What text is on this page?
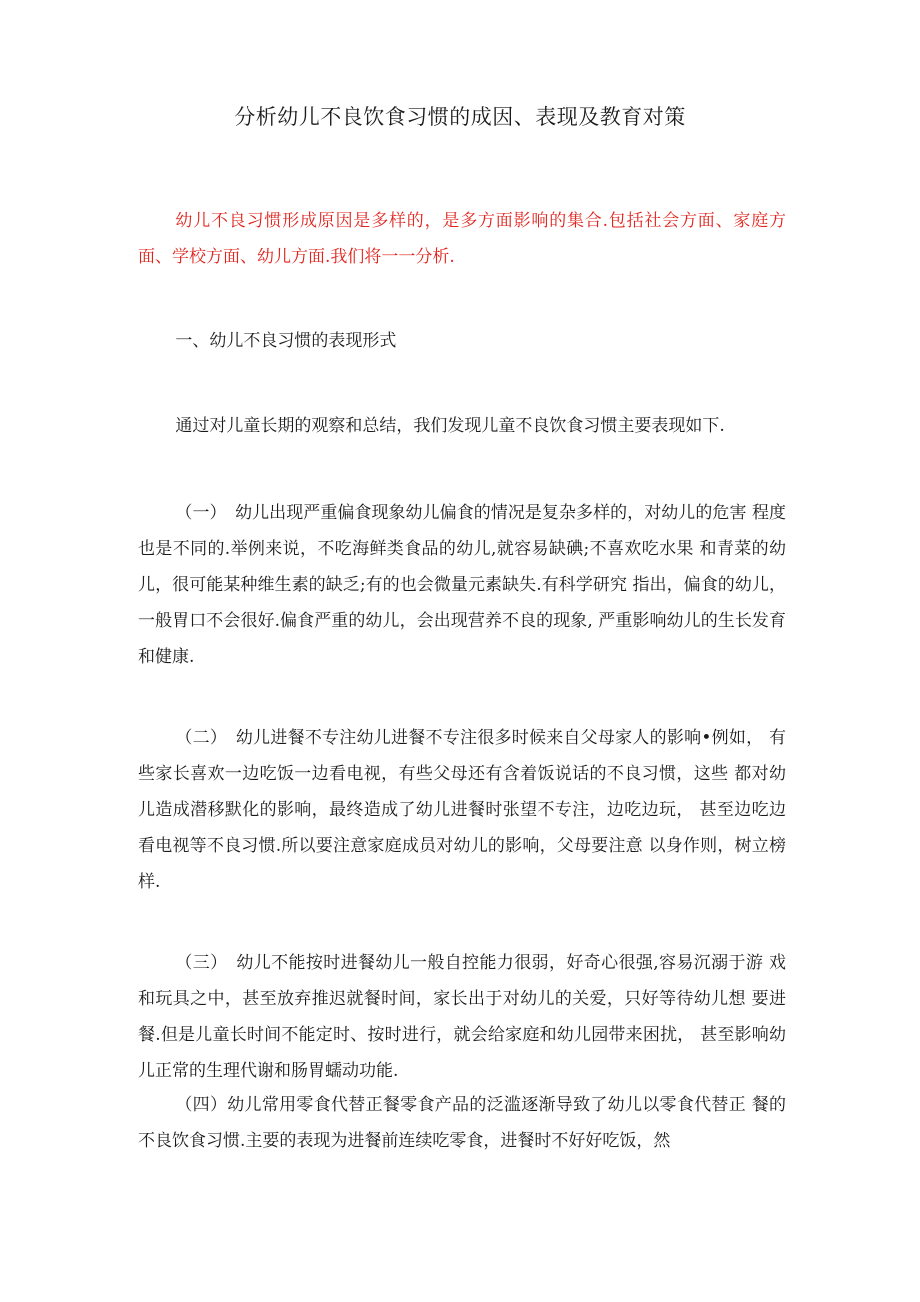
分析幼儿不良饮食习惯的成因、表现及教育对策

幼儿不良习惯形成原因是多样的，是多方面影响的集合.包括社会方面、家庭方面、学校方面、幼儿方面.我们将一一分析.

一、幼儿不良习惯的表现形式

通过对儿童长期的观察和总结，我们发现儿童不良饮食习惯主要表现如下.

（一）　幼儿出现严重偏食现象幼儿偏食的情况是复杂多样的，对幼儿的危害 程度也是不同的.举例来说，不吃海鲜类食品的幼儿,就容易缺碘;不喜欢吃水果 和青菜的幼儿，很可能某种维生素的缺乏;有的也会微量元素缺失.有科学研究 指出，偏食的幼儿，一般胃口不会很好.偏食严重的幼儿，会出现营养不良的现象, 严重影响幼儿的生长发育和健康.

（二）　幼儿进餐不专注幼儿进餐不专注很多时候来自父母家人的影响•例如， 有些家长喜欢一边吃饭一边看电视，有些父母还有含着饭说话的不良习惯，这些 都对幼儿造成潜移默化的影响，最终造成了幼儿进餐时张望不专注，边吃边玩， 甚至边吃边看电视等不良习惯.所以要注意家庭成员对幼儿的影响，父母要注意 以身作则，树立榜样.

（三）　幼儿不能按时进餐幼儿一般自控能力很弱，好奇心很强,容易沉溺于游 戏和玩具之中，甚至放弃推迟就餐时间，家长出于对幼儿的关爱，只好等待幼儿想 要进餐.但是儿童长时间不能定时、按时进行，就会给家庭和幼儿园带来困扰， 甚至影响幼儿正常的生理代谢和肠胃蠕动功能.

（四）幼儿常用零食代替正餐零食产品的泛滥逐渐导致了幼儿以零食代替正 餐的不良饮食习惯.主要的表现为进餐前连续吃零食，进餐时不好好吃饭，然
